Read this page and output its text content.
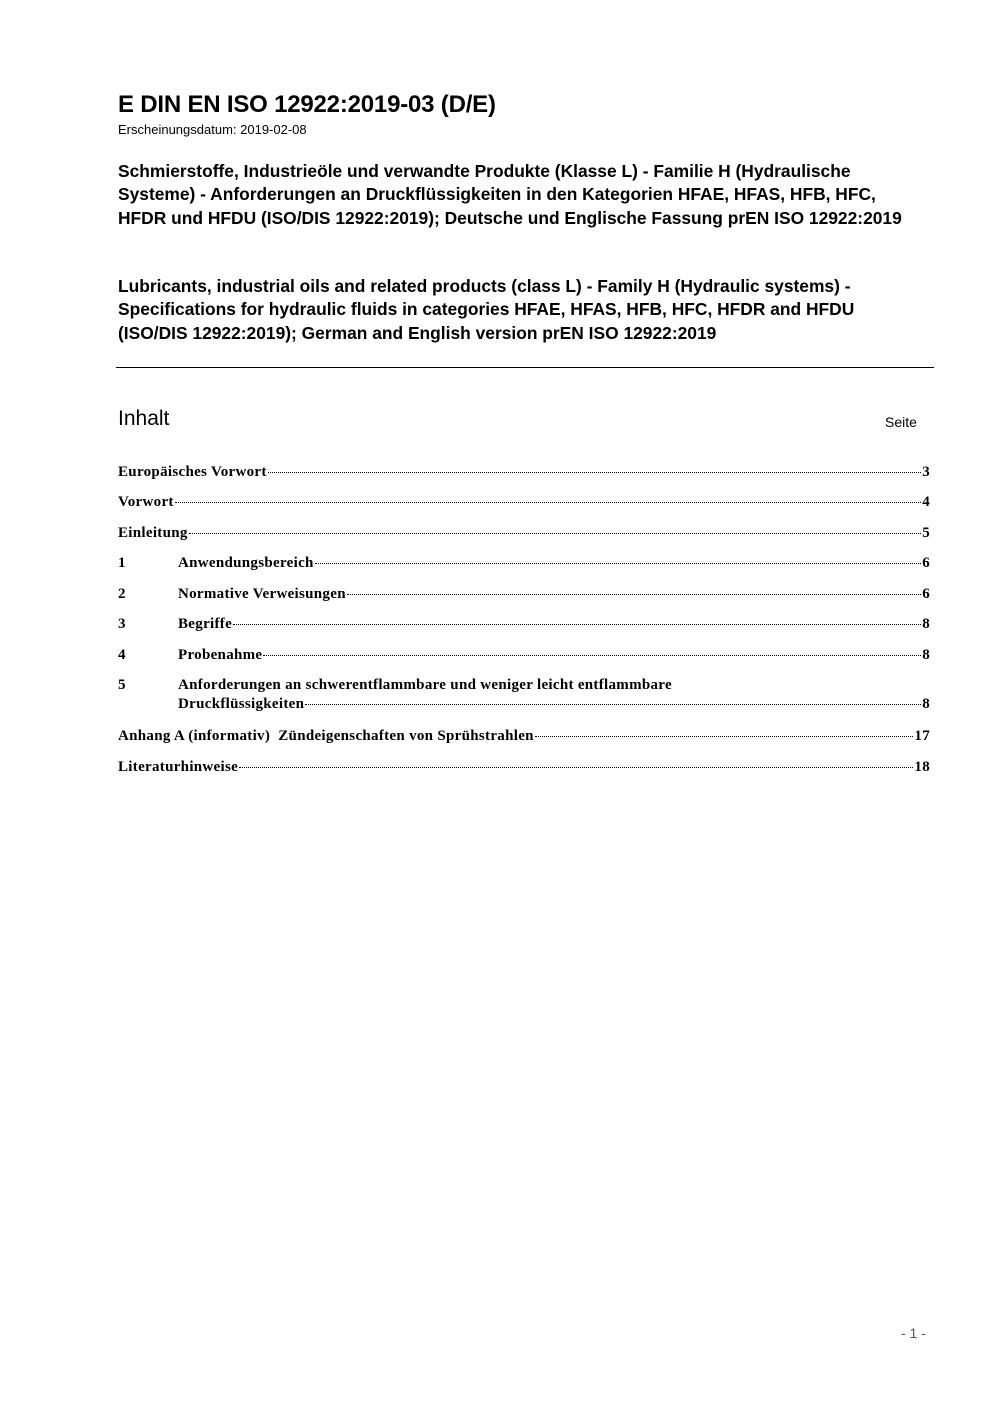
E DIN EN ISO 12922:2019-03 (D/E)
Erscheinungsdatum: 2019-02-08
Schmierstoffe, Industrieöle und verwandte Produkte (Klasse L) - Familie H (Hydraulische Systeme) - Anforderungen an Druckflüssigkeiten in den Kategorien HFAE, HFAS, HFB, HFC, HFDR und HFDU (ISO/DIS 12922:2019); Deutsche und Englische Fassung prEN ISO 12922:2019
Lubricants, industrial oils and related products (class L) - Family H (Hydraulic systems) - Specifications for hydraulic fluids in categories HFAE, HFAS, HFB, HFC, HFDR and HFDU (ISO/DIS 12922:2019); German and English version prEN ISO 12922:2019
Inhalt	Seite
Europäisches Vorwort	3
Vorwort	4
Einleitung	5
1	Anwendungsbereich	6
2	Normative Verweisungen	6
3	Begriffe	8
4	Probenahme	8
5	Anforderungen an schwerentflammbare und weniger leicht entflammbare
Druckflüssigkeiten	8
Anhang A (informativ)  Zündeigenschaften von Sprühstrahlen	17
Literaturhinweise	18
- 1 -
